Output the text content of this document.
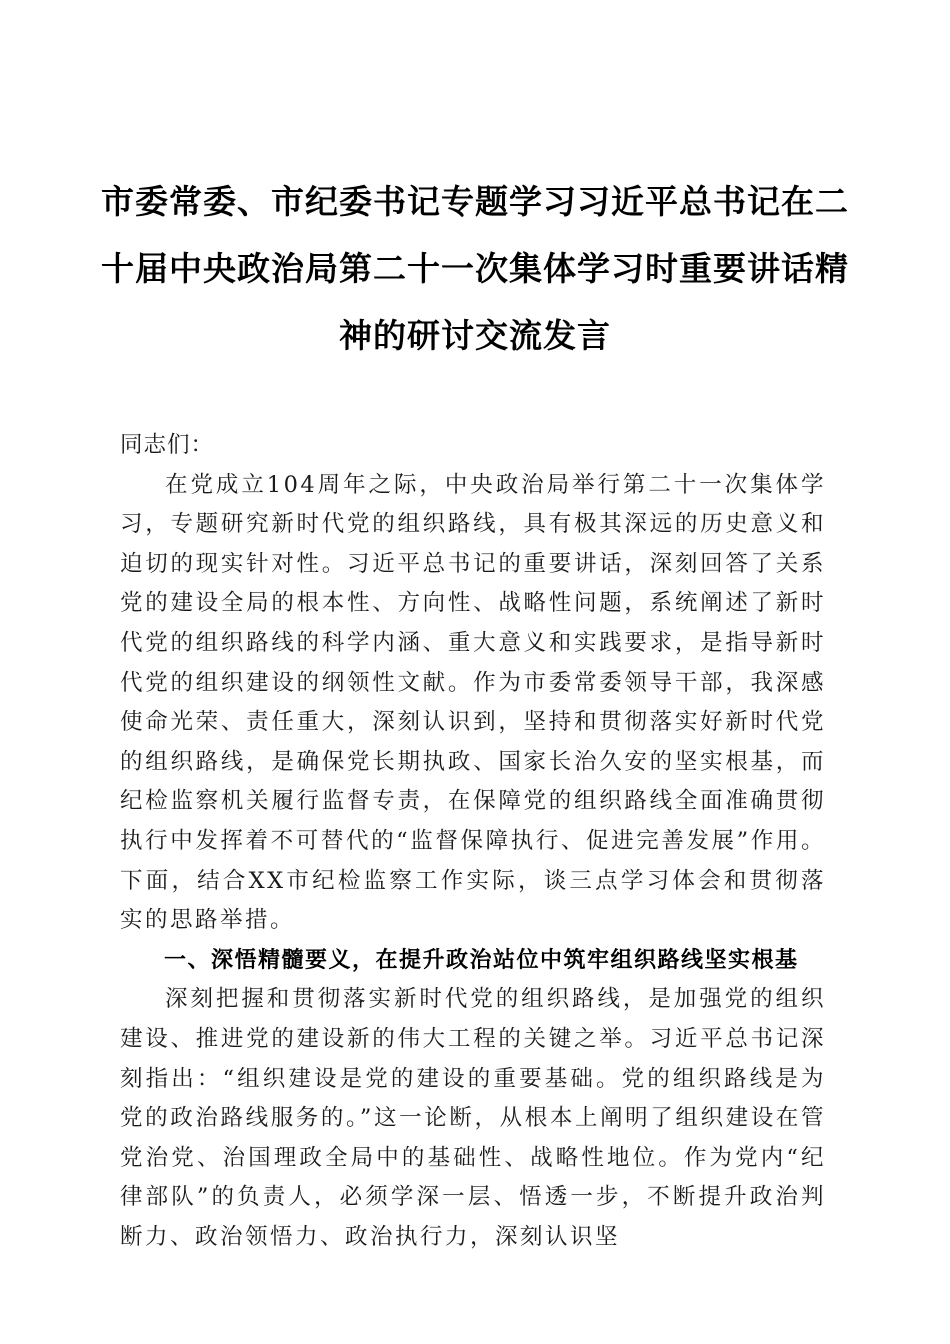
市委常委、市纪委书记专题学习习近平总书记在二十届中央政治局第二十一次集体学习时重要讲话精神的研讨交流发言

同志们：

在党成立104周年之际，中央政治局举行第二十一次集体学习，专题研究新时代党的组织路线，具有极其深远的历史意义和迫切的现实针对性。习近平总书记的重要讲话，深刻回答了关系党的建设全局的根本性、方向性、战略性问题，系统阐述了新时代党的组织路线的科学内涵、重大意义和实践要求，是指导新时代党的组织建设的纲领性文献。作为市委常委领导干部，我深感使命光荣、责任重大，深刻认识到，坚持和贯彻落实好新时代党的组织路线，是确保党长期执政、国家长治久安的坚实根基，而纪检监察机关履行监督专责，在保障党的组织路线全面准确贯彻执行中发挥着不可替代的“监督保障执行、促进完善发展”作用。下面，结合XX市纪检监察工作实际，谈三点学习体会和贯彻落实的思路举措。

一、深悟精髓要义，在提升政治站位中筑牢组织路线坚实根基

深刻把握和贯彻落实新时代党的组织路线，是加强党的组织建设、推进党的建设新的伟大工程的关键之举。习近平总书记深刻指出：“组织建设是党的建设的重要基础。党的组织路线是为党的政治路线服务的。”这一论断，从根本上阐明了组织建设在管党治党、治国理政全局中的基础性、战略性地位。作为党内“纪律部队”的负责人，必须学深一层、悟透一步，不断提升政治判断力、政治领悟力、政治执行力，深刻认识坚
